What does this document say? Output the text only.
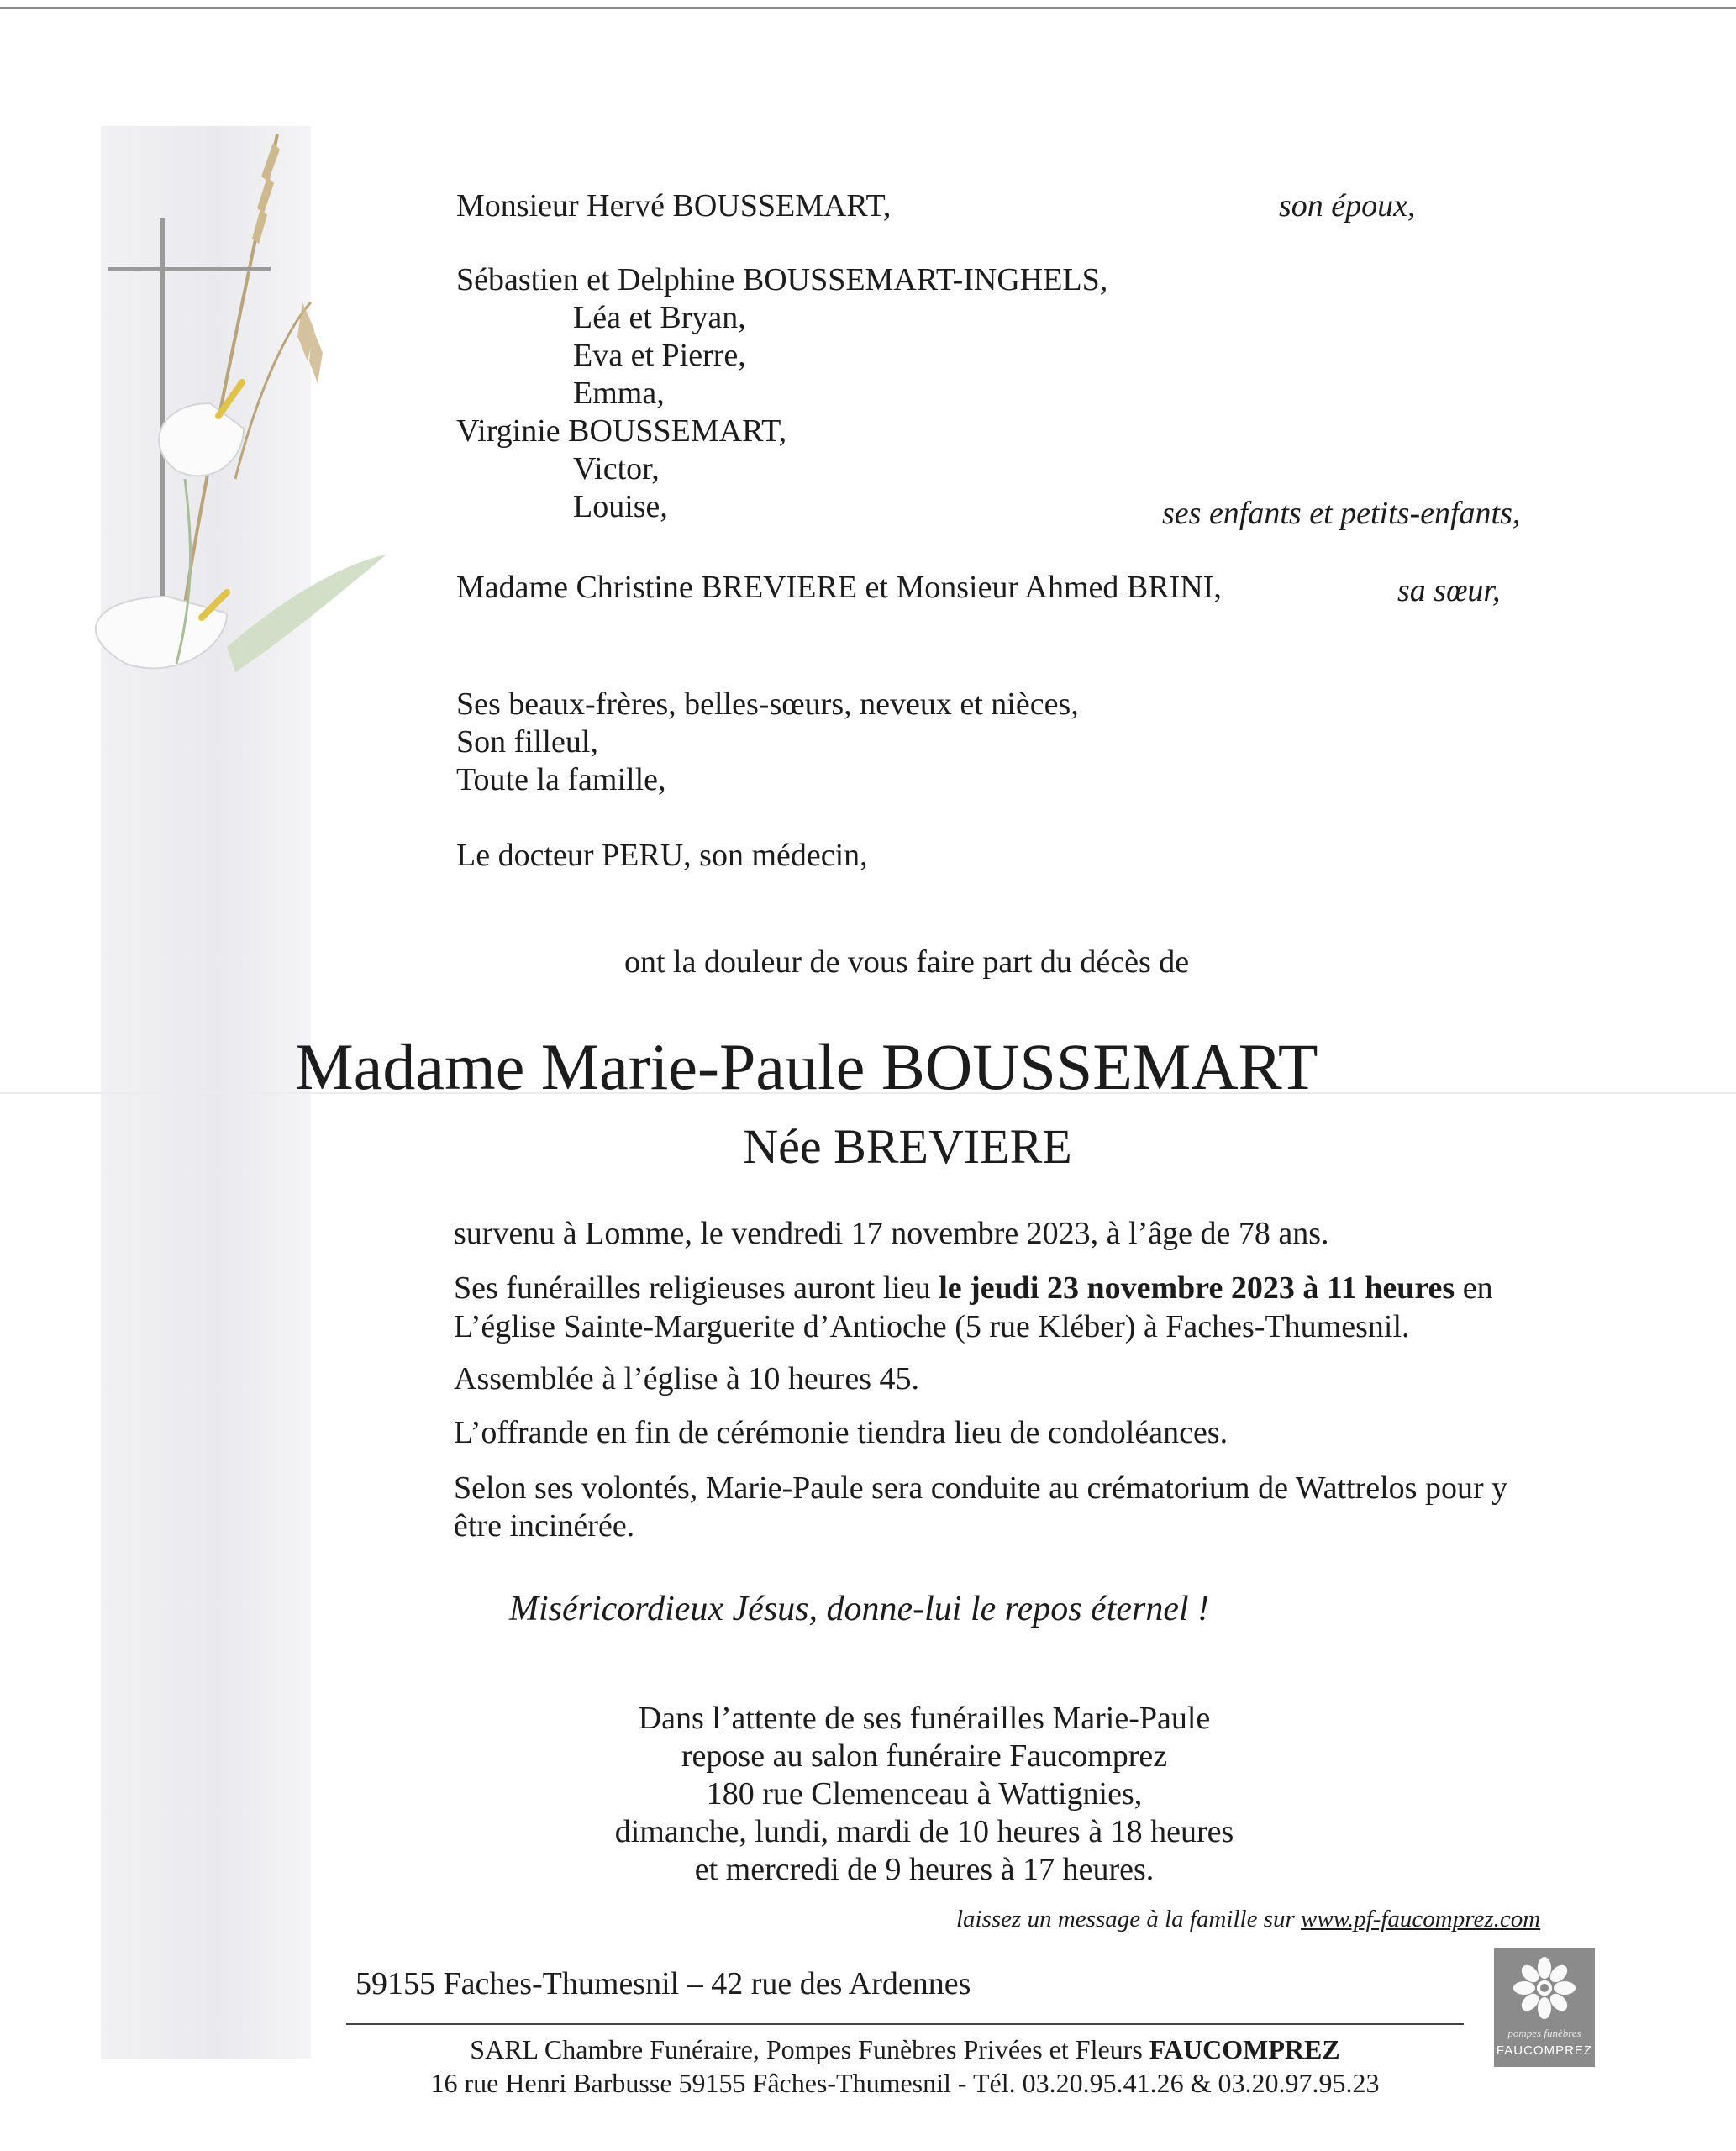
Monsieur Hervé BOUSSEMART,	son époux,
Sébastien et Delphine BOUSSEMART-INGHELS,
Léa et Bryan,
Eva et Pierre,
Emma,
Virginie BOUSSEMART,
Victor,
Louise,	ses enfants et petits-enfants,
Madame Christine BREVIERE et Monsieur Ahmed BRINI,	sa sœur,
Ses beaux-frères, belles-sœurs, neveux et nièces,
Son filleul,
Toute la famille,
Le docteur PERU, son médecin,
ont la douleur de vous faire part du décès de
Madame Marie-Paule BOUSSEMART
Née BREVIERE
survenu à Lomme, le vendredi 17 novembre 2023, à l’âge de 78 ans.
Ses funérailles religieuses auront lieu le jeudi 23 novembre 2023 à 11 heures en
L’église Sainte-Marguerite d’Antioche (5 rue Kléber) à Faches-Thumesnil.
Assemblée à l’église à 10 heures 45.
L’offrande en fin de cérémonie tiendra lieu de condoléances.
Selon ses volontés, Marie-Paule sera conduite au crématorium de Wattrelos pour y
être incinérée.
Miséricordieux Jésus, donne-lui le repos éternel !
Dans l’attente de ses funérailles Marie-Paule
repose au salon funéraire Faucomprez
180 rue Clemenceau à Wattignies,
dimanche, lundi, mardi de 10 heures à 18 heures
et mercredi de 9 heures à 17 heures.
laissez un message à la famille sur www.pf-faucomprez.com
59155 Faches-Thumesnil – 42 rue des Ardennes
SARL Chambre Funéraire, Pompes Funèbres Privées et Fleurs FAUCOMPREZ
16 rue Henri Barbusse 59155 Fâches-Thumesnil - Tél. 03.20.95.41.26 & 03.20.97.95.23
pompes funèbres
FAUCOMPREZ
